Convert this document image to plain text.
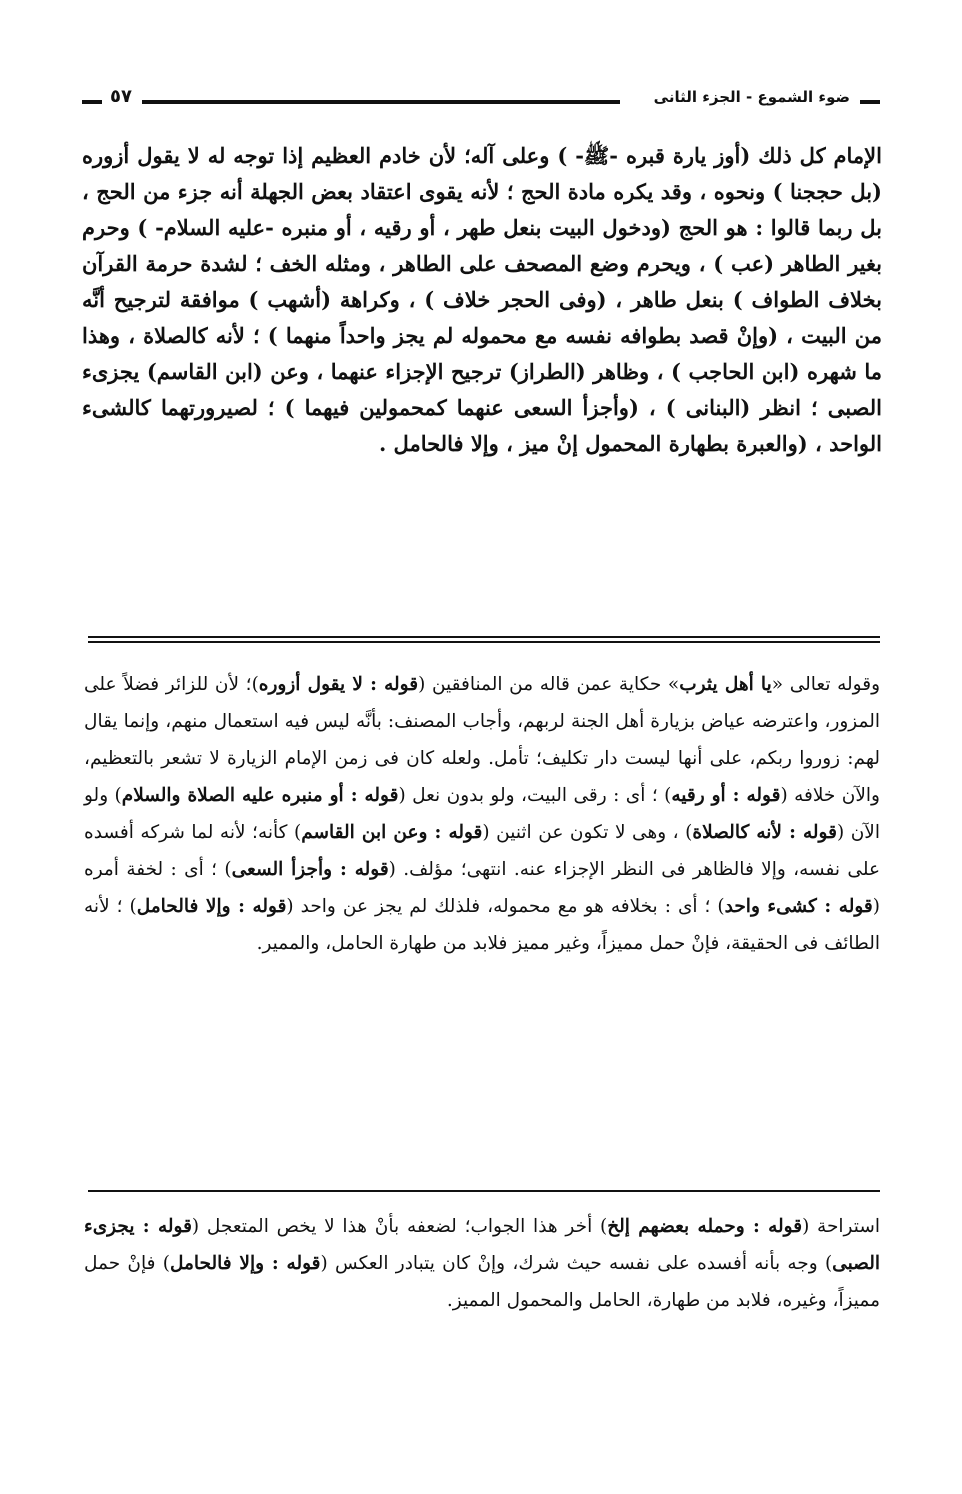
ضوء الشموع - الجزء الثانى
٥٧

الإمام كل ذلك (أوز يارة قبره -ﷺ- ) وعلى آله؛ لأن خادم العظيم إذا توجه له لا يقول أزوره (بل حججنا ) ونحوه ، وقد يكره مادة الحج ؛ لأنه يقوى اعتقاد بعض الجهلة أنه جزء من الحج ، بل ربما قالوا : هو الحج (ودخول البيت بنعل طهر ، أو رقيه ، أو منبره -عليه السلام- ) وحرم بغير الطاهر (عب ) ، ويحرم وضع المصحف على الطاهر ، ومثله الخف ؛ لشدة حرمة القرآن بخلاف الطواف ) بنعل طاهر ، (وفى الحجر خلاف ) ، وكراهة (أشهب ) موافقة لترجيح أنَّه من البيت ، (وإنْ قصد بطوافه نفسه مع محموله لم يجز واحداً منهما ) ؛ لأنه كالصلاة ، وهذا ما شهره (ابن الحاجب ) ، وظاهر (الطراز) ترجيح الإجزاء عنهما ، وعن (ابن القاسم) يجزىء الصبى ؛ انظر (البنانى ) ، (وأجزأ السعى عنهما كمحمولين فيهما ) ؛ لصيرورتهما كالشىء الواحد ، (والعبرة بطهارة المحمول إنْ ميز ، وإلا فالحامل .

وقوله تعالى «يا أهل يثرب» حكاية عمن قاله من المنافقين (قوله : لا يقول أزوره)؛ لأن للزائر فضلاً على المزور، واعترضه عياض بزيارة أهل الجنة لربهم، وأجاب المصنف: بأنَّه ليس فيه استعمال منهم، وإنما يقال لهم: زوروا ربكم، على أنها ليست دار تكليف؛ تأمل. ولعله كان فى زمن الإمام الزيارة لا تشعر بالتعظيم، والآن خلافه (قوله : أو رقيه) ؛ أى : رقى البيت، ولو بدون نعل (قوله : أو منبره عليه الصلاة والسلام) ولو الآن (قوله : لأنه كالصلاة) ، وهى لا تكون عن اثنين (قوله : وعن ابن القاسم) كأنه؛ لأنه لما شركه أفسده على نفسه، وإلا فالظاهر فى النظر الإجزاء عنه. انتهى؛ مؤلف. (قوله : وأجزأ السعى) ؛ أى : لخفة أمره (قوله : كشىء واحد) ؛ أى : بخلافه هو مع محموله، فلذلك لم يجز عن واحد (قوله : وإلا فالحامل) ؛ لأنه الطائف فى الحقيقة، فإنْ حمل مميزاً، وغير مميز فلابد من طهارة الحامل، والممير.

استراحة (قوله : وحمله بعضهم إلخ) أخر هذا الجواب؛ لضعفه بأنْ هذا لا يخص المتعجل (قوله : يجزىء الصبى) وجه بأنه أفسده على نفسه حيث شرك، وإنْ كان يتبادر العكس (قوله : وإلا فالحامل) فإنْ حمل مميزاً، وغيره، فلابد من طهارة، الحامل والمحمول المميز.
